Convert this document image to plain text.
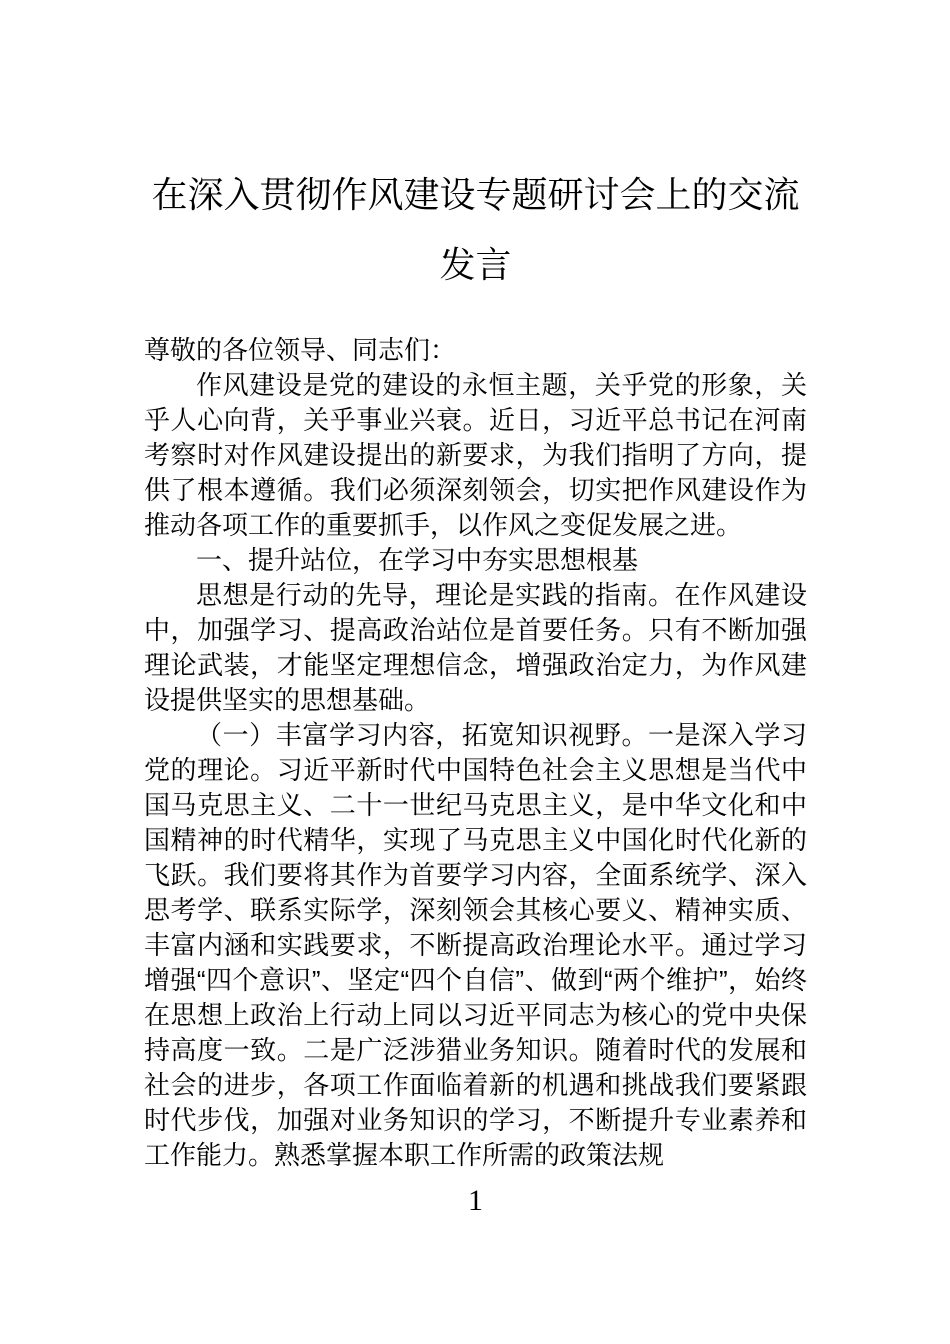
在深入贯彻作风建设专题研讨会上的交流发言

尊敬的各位领导、同志们：

作风建设是党的建设的永恒主题，关乎党的形象，关乎人心向背，关乎事业兴衰。近日，习近平总书记在河南考察时对作风建设提出的新要求，为我们指明了方向，提供了根本遵循。我们必须深刻领会，切实把作风建设作为推动各项工作的重要抓手，以作风之变促发展之进。

一、提升站位，在学习中夯实思想根基

思想是行动的先导，理论是实践的指南。在作风建设中，加强学习、提高政治站位是首要任务。只有不断加强理论武装，才能坚定理想信念，增强政治定力，为作风建设提供坚实的思想基础。

（一）丰富学习内容，拓宽知识视野。一是深入学习党的理论。习近平新时代中国特色社会主义思想是当代中国马克思主义、二十一世纪马克思主义，是中华文化和中国精神的时代精华，实现了马克思主义中国化时代化新的飞跃。我们要将其作为首要学习内容，全面系统学、深入思考学、联系实际学，深刻领会其核心要义、精神实质、丰富内涵和实践要求，不断提高政治理论水平。通过学习增强“四个意识”、坚定“四个自信”、做到“两个维护”，始终在思想上政治上行动上同以习近平同志为核心的党中央保持高度一致。二是广泛涉猎业务知识。随着时代的发展和社会的进步，各项工作面临着新的机遇和挑战我们要紧跟时代步伐，加强对业务知识的学习，不断提升专业素养和工作能力。熟悉掌握本职工作所需的政策法规

1
